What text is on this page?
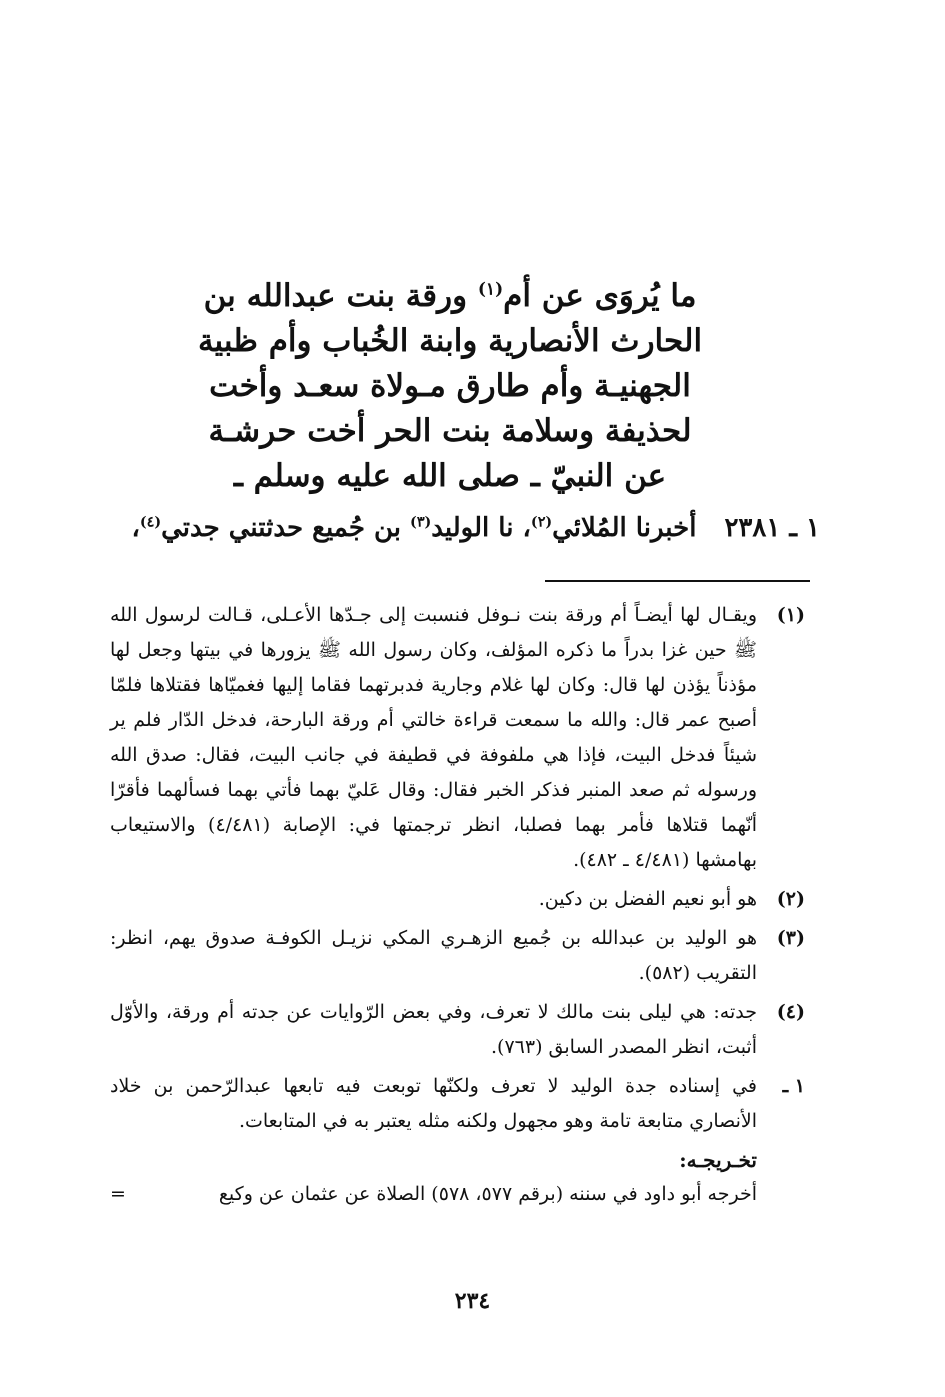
ما يُروَى عن أم$^{(١)}$ ورقة بنت عبدالله بن
الحارث الأنصارية وابنة الخُباب وأم ظبية
الجهنيـة وأم طارق مـولاة سعـد وأخت
لحذيفة وسلامة بنت الحر أخت حرشـة
عن النبيّ ـ صلى الله عليه وسلم ـ
١ ـ ٢٣٨١أخبرنا المُلائي$^{(٢)}$، نا الوليد$^{(٣)}$ بن جُميع حدثتني جدتي$^{(٤)}$،
(١)
ويقـال لها أيضـاً أم ورقة بنت نـوفل فنسبت إلى جـدّها الأعـلى، قـالت لرسول الله ﷺ حين غزا بدراً ما ذكره المؤلف، وكان رسول الله ﷺ يزورها في بيتها وجعل لها مؤذناً يؤذن لها قال: وكان لها غلام وجارية فدبرتهما فقاما إليها فغميّاها فقتلاها فلمّا أصبح عمر قال: والله ما سمعت قراءة خالتي أم ورقة البارحة، فدخل الدّار فلم ير شيئاً فدخل البيت، فإذا هي ملفوفة في قطيفة في جانب البيت، فقال: صدق الله ورسوله ثم صعد المنبر فذكر الخبر فقال: وقال عَليّ بهما فأتي بهما فسألهما فأقرّا أنّهما قتلاها فأمر بهما فصلبا، انظر ترجمتها في: الإصابة (٤/٤٨١) والاستيعاب بهامشها (٤/٤٨١ ـ ٤٨٢).
(٢)
هو أبو نعيم الفضل بن دكين.
(٣)
هو الوليد بن عبدالله بن جُميع الزهـري المكي نزيـل الكوفـة صدوق يهم، انظر: التقريب (٥٨٢).
(٤)
جدته: هي ليلى بنت مالك لا تعرف، وفي بعض الرّوايات عن جدته أم ورقة، والأوّل أثبت، انظر المصدر السابق (٧٦٣).
١ ـ
في إسناده جدة الوليد لا تعرف ولكنّها توبعت فيه تابعها عبدالرّحمن بن خلاد الأنصاري متابعة تامة وهو مجهول ولكنه مثله يعتبر به في المتابعات.
تخـريجـه:
أخرجه أبو داود في سننه (برقم ٥٧٧، ٥٧٨) الصلاة عن عثمان عن وكيع
=
٢٣٤
